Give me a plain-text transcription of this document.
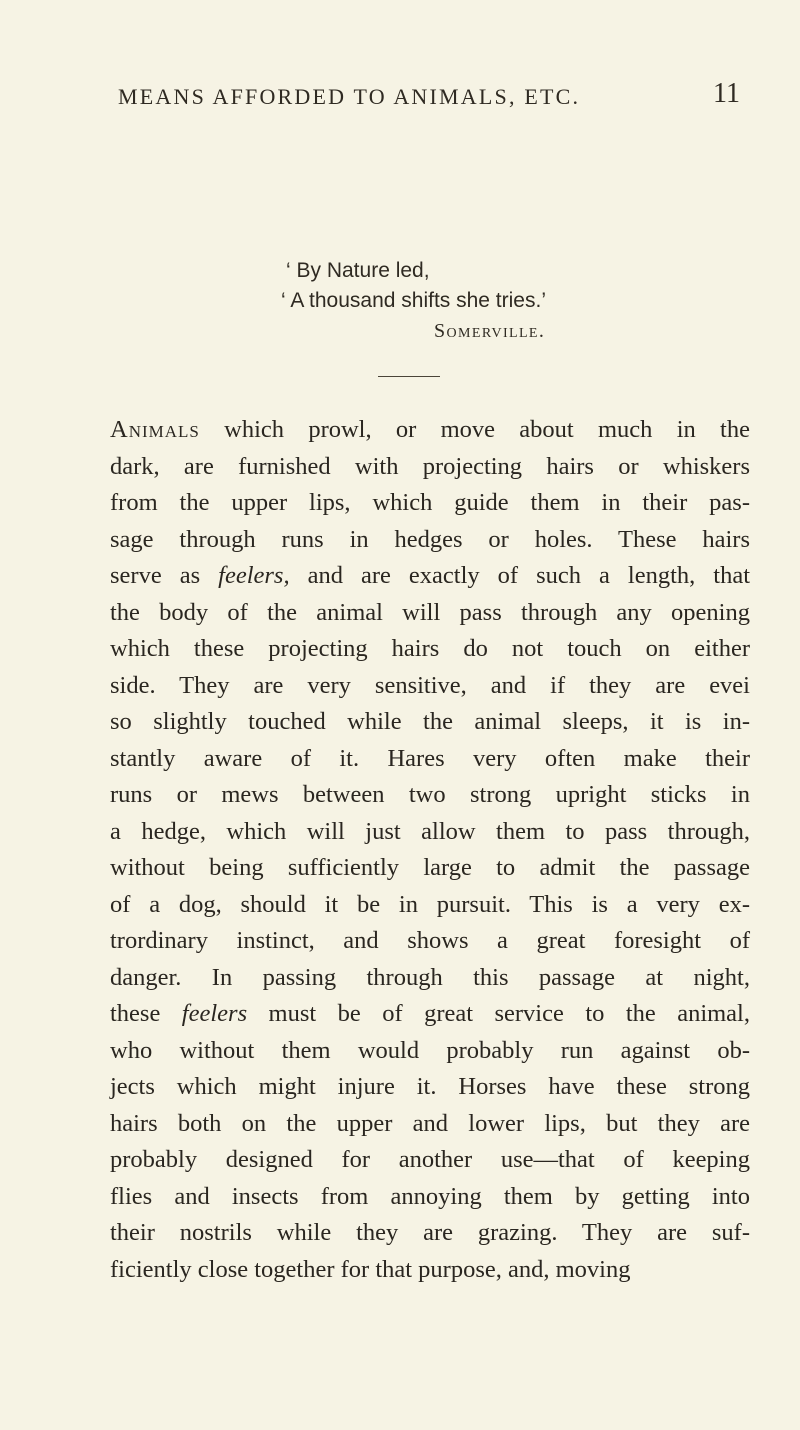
MEANS AFFORDED TO ANIMALS, ETC.	11
‘ By Nature led,
‘ A thousand shifts she tries.’
Somerville.
Animals which prowl, or move about much in the
dark, are furnished with projecting hairs or whiskers
from the upper lips, which guide them in their pas-
sage through runs in hedges or holes. These hairs
serve as feelers, and are exactly of such a length, that
the body of the animal will pass through any opening
which these projecting hairs do not touch on either
side. They are very sensitive, and if they are evei
so slightly touched while the animal sleeps, it is in-
stantly aware of it. Hares very often make their
runs or mews between two strong upright sticks in
a hedge, which will just allow them to pass through,
without being sufficiently large to admit the passage
of a dog, should it be in pursuit. This is a very ex-
trordinary instinct, and shows a great foresight of
danger. In passing through this passage at night,
these feelers must be of great service to the animal,
who without them would probably run against ob-
jects which might injure it. Horses have these strong
hairs both on the upper and lower lips, but they are
probably designed for another use—that of keeping
flies and insects from annoying them by getting into
their nostrils while they are grazing. They are suf-
ficiently close together for that purpose, and, moving
